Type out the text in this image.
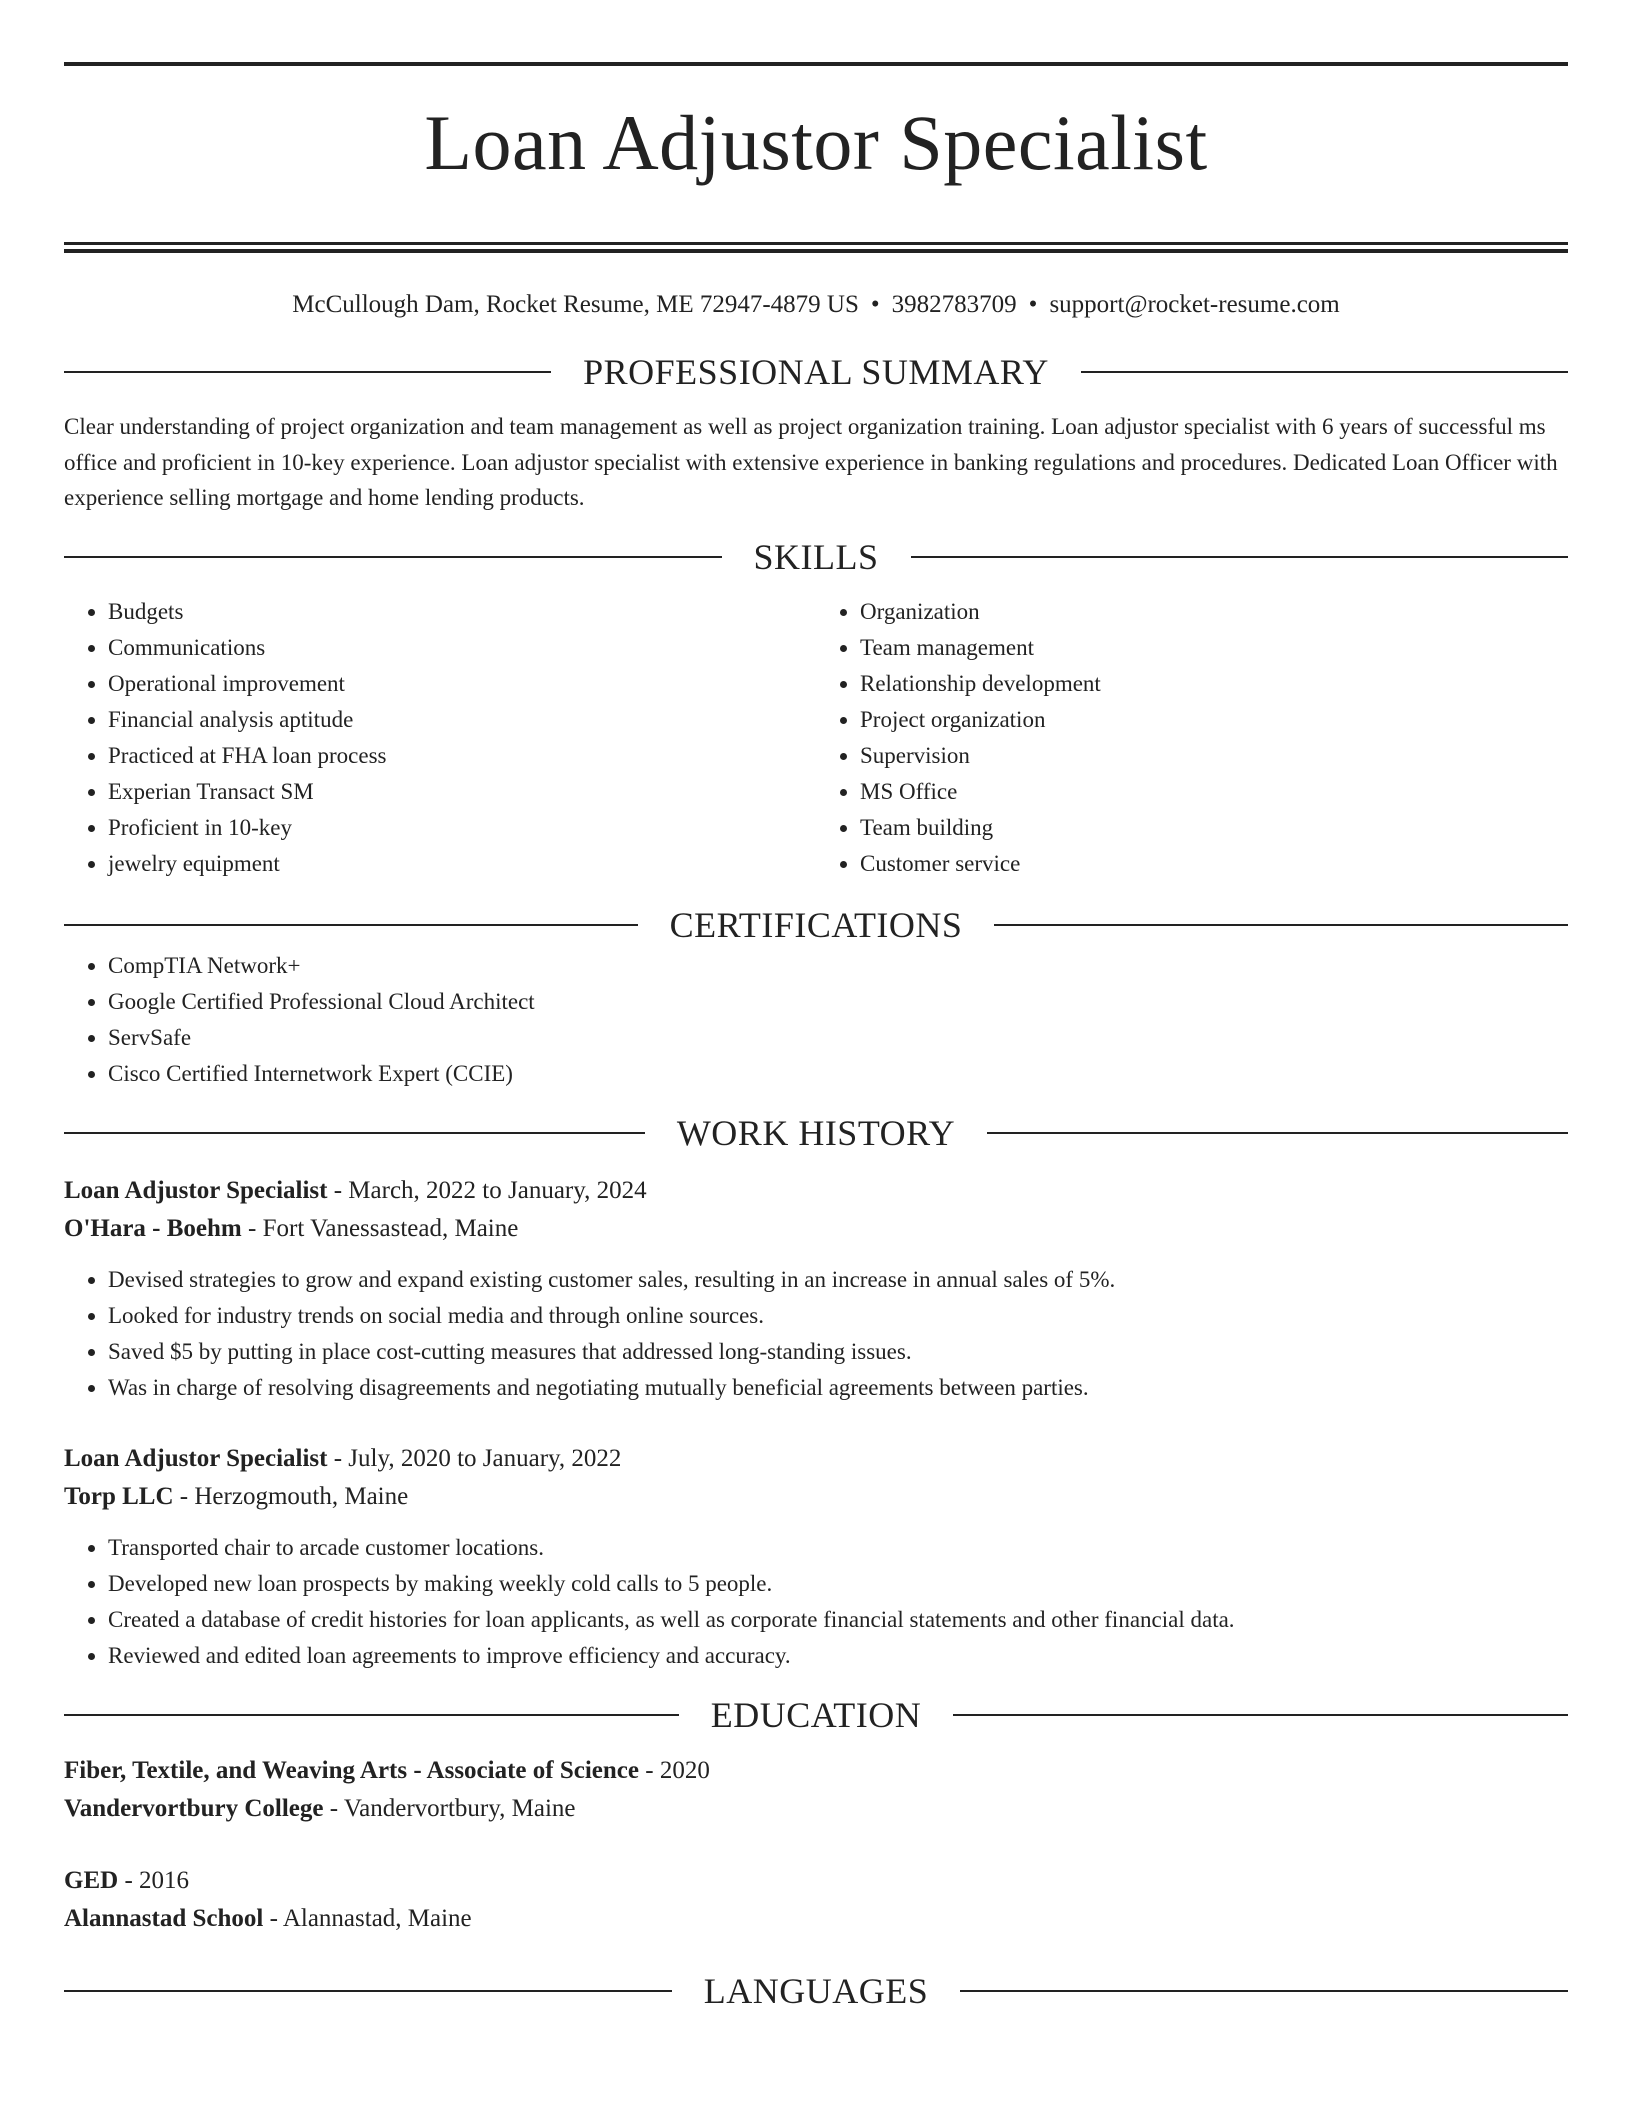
Loan Adjustor Specialist
McCullough Dam, Rocket Resume, ME 72947-4879 US • 3982783709 • support@rocket-resume.com
PROFESSIONAL SUMMARY

Clear understanding of project organization and team management as well as project organization training. Loan adjustor specialist with 6 years of successful ms office and proficient in 10-key experience. Loan adjustor specialist with extensive experience in banking regulations and procedures. Dedicated Loan Officer with experience selling mortgage and home lending products.

SKILLS
• Budgets
• Communications
• Operational improvement
• Financial analysis aptitude
• Practiced at FHA loan process
• Experian Transact SM
• Proficient in 10-key
• jewelry equipment
• Organization
• Team management
• Relationship development
• Project organization
• Supervision
• MS Office
• Team building
• Customer service
CERTIFICATIONS
• CompTIA Network+
• Google Certified Professional Cloud Architect
• ServSafe
• Cisco Certified Internetwork Expert (CCIE)
WORK HISTORY
Loan Adjustor Specialist - March, 2022 to January, 2024
O'Hara - Boehm - Fort Vanessastead, Maine
• Devised strategies to grow and expand existing customer sales, resulting in an increase in annual sales of 5%.
• Looked for industry trends on social media and through online sources.
• Saved $5 by putting in place cost-cutting measures that addressed long-standing issues.
• Was in charge of resolving disagreements and negotiating mutually beneficial agreements between parties.
Loan Adjustor Specialist - July, 2020 to January, 2022
Torp LLC - Herzogmouth, Maine
• Transported chair to arcade customer locations.
• Developed new loan prospects by making weekly cold calls to 5 people.
• Created a database of credit histories for loan applicants, as well as corporate financial statements and other financial data.
• Reviewed and edited loan agreements to improve efficiency and accuracy.
EDUCATION
Fiber, Textile, and Weaving Arts - Associate of Science - 2020
Vandervortbury College - Vandervortbury, Maine
GED - 2016
Alannastad School - Alannastad, Maine
LANGUAGES
